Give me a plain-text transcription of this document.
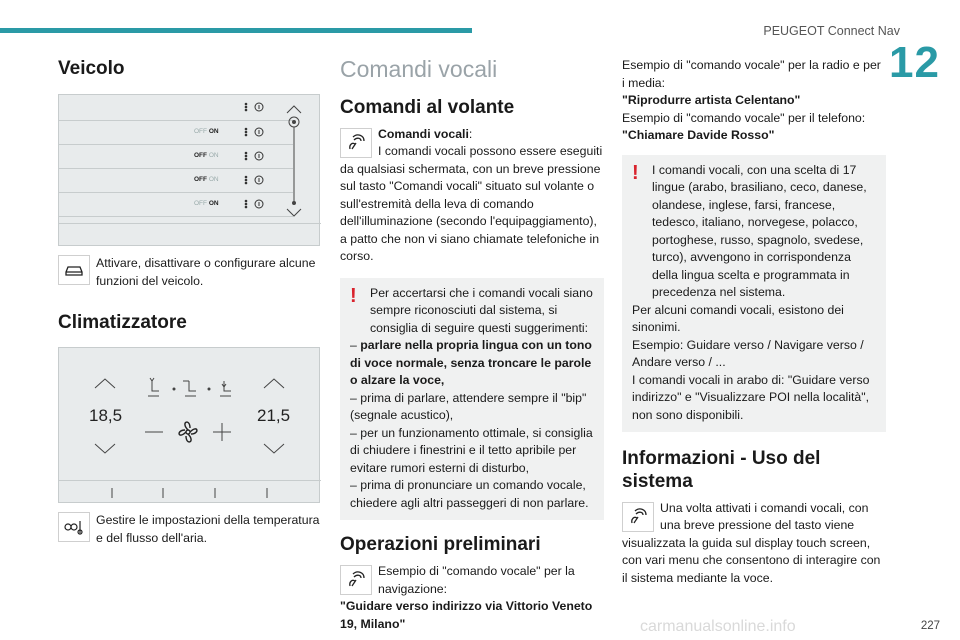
PEUGEOT Connect Nav
12
227
carmanualsonline.info
Veicolo
OFF ON
OFF ON
OFF ON
OFF ON

Attivare, disattivare o configurare alcune funzioni del veicolo.

Climatizzatore
18,5	21,5

Gestire le impostazioni della temperatura e del flusso dell'aria.

Comandi vocali
Comandi al volante

Comandi vocali:
I comandi vocali possono essere eseguiti da qualsiasi schermata, con un breve pressione sul tasto "Comandi vocali" situato sul volante o sull'estremità della leva di comando dell'illuminazione (secondo l'equipaggiamento), a patto che non vi siano chiamate telefoniche in corso.

!	Per accertarsi che i comandi vocali siano sempre riconosciuti dal sistema, si consiglia di seguire questi suggerimenti:
– parlare nella propria lingua con un tono di voce normale, senza troncare le parole o alzare la voce,
– prima di parlare, attendere sempre il "bip" (segnale acustico),
– per un funzionamento ottimale, si consiglia di chiudere i finestrini e il tetto apribile per evitare rumori esterni di disturbo,
– prima di pronunciare un comando vocale, chiedere agli altri passeggeri di non parlare.
Operazioni preliminari

Esempio di "comando vocale" per la navigazione:
"Guidare verso indirizzo via Vittorio Veneto 19, Milano"

Esempio di "comando vocale" per la radio e per i media:
"Riprodurre artista Celentano"
Esempio di "comando vocale" per il telefono:
"Chiamare Davide Rosso"

!	I comandi vocali, con una scelta di 17 lingue (arabo, brasiliano, ceco, danese, olandese, inglese, farsi, francese, tedesco, italiano, norvegese, polacco, portoghese, russo, spagnolo, svedese, turco), avvengono in corrispondenza della lingua scelta e programmata in precedenza nel sistema.
Per alcuni comandi vocali, esistono dei sinonimi.
Esempio: Guidare verso / Navigare verso / Andare verso / ...
I comandi vocali in arabo di: "Guidare verso indirizzo" e "Visualizzare POI nella località", non sono disponibili.
Informazioni - Uso del sistema

Una volta attivati i comandi vocali, con una breve pressione del tasto viene visualizzata la guida sul display touch screen, con vari menu che consentono di interagire con il sistema mediante la voce.
